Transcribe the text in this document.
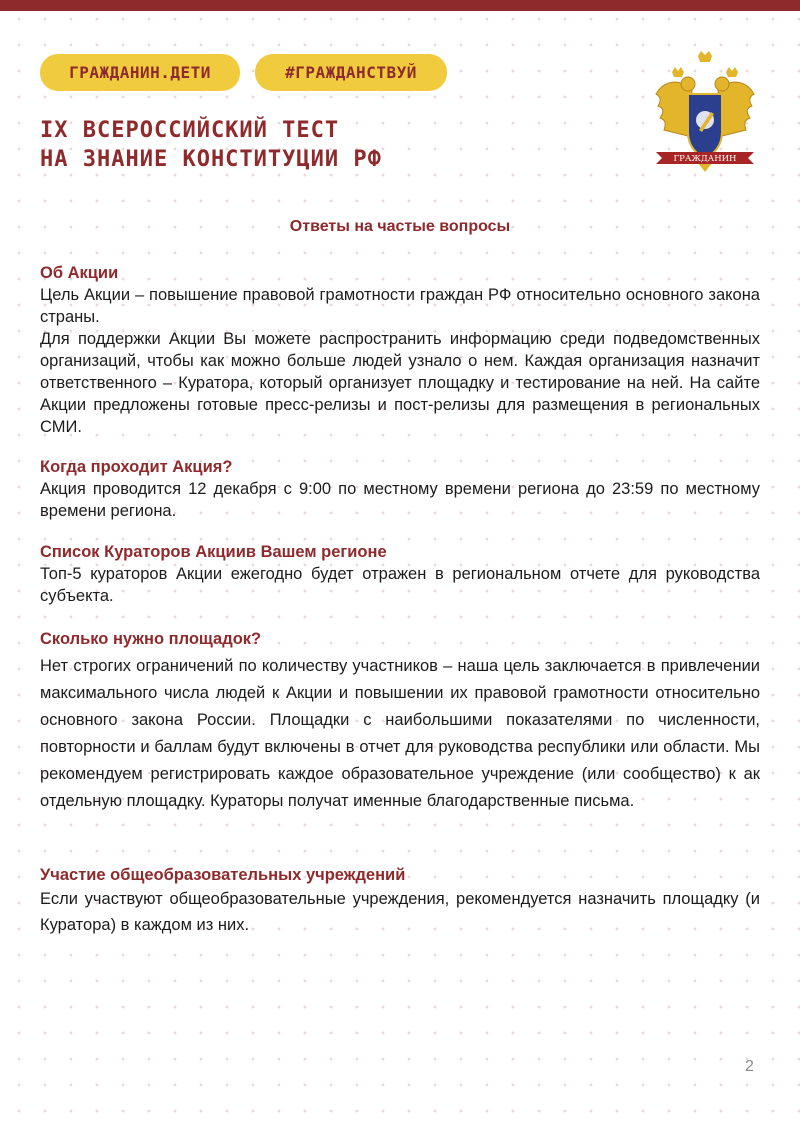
ГРАЖДАНИН.ДЕТИ	#ГРАЖДАНСТВУЙ
IX ВСЕРОССИЙСКИЙ ТЕСТ
НА ЗНАНИЕ КОНСТИТУЦИИ РФ	ГРАЖДАНИН
Ответы на частые вопросы
Об Акции

Цель Акции – повышение правовой грамотности граждан РФ относительно основного закона страны.

Для поддержки Акции Вы можете распространить информацию среди подведомственных организаций, чтобы как можно больше людей узнало о нем. Каждая организация назначит ответственного – Куратора, который организует площадку и тестирование на ней. На сайте Акции предложены готовые пресс-релизы и пост-релизы для размещения в региональных СМИ.

Когда проходит Акция?

Акция проводится 12 декабря с 9:00 по местному времени региона до 23:59 по местному времени региона.

Список Кураторов Акциив Вашем регионе

Топ-5 кураторов Акции ежегодно будет отражен в региональном отчете для руководства субъекта.

Сколько нужно площадок?

Нет строгих ограничений по количеству участников – наша цель заключается в привлечении максимального числа людей к Акции и повышении их правовой грамотности относительно основного закона России. Площадки с наибольшими показателями по численности, повторности и баллам будут включены в отчет для руководства республики или области. Мы рекомендуем регистрировать каждое образовательное учреждение (или сообщество) к ак отдельную площадку. Кураторы получат именные благодарственные письма.

Участие общеобразовательных учреждений

Если участвуют общеобразовательные учреждения, рекомендуется назначить площадку (и Куратора) в каждом из них.

2
